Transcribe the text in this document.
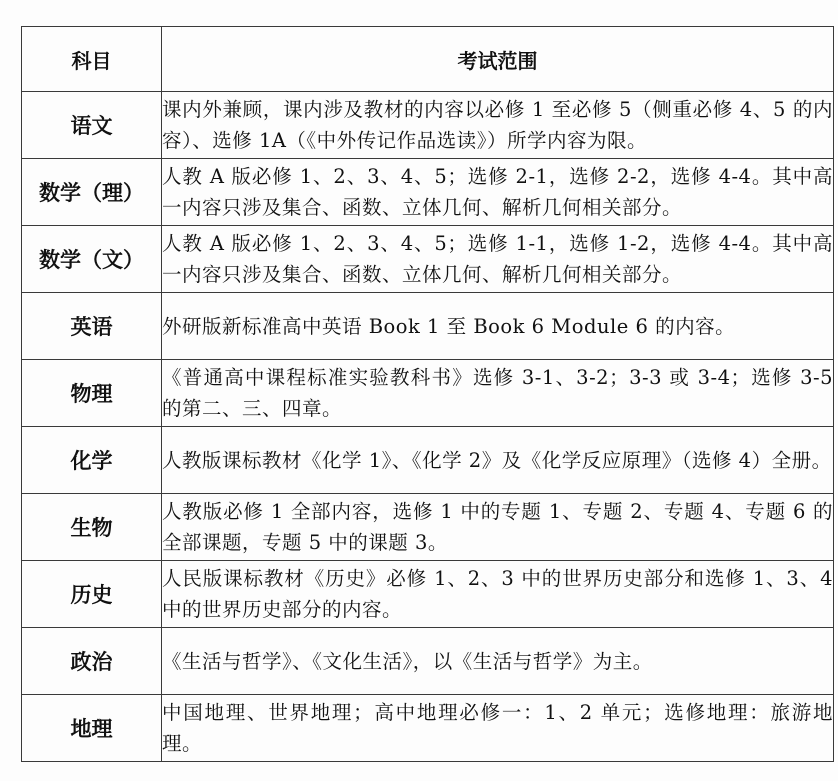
科目	考试范围
语文	课内外兼顾，课内涉及教材的内容以必修 1 至必修 5（侧重必修 4、5 的内容）、选修 1A（《中外传记作品选读》）所学内容为限。
数学（理）	人教 A 版必修 1、2、3、4、5；选修 2-1，选修 2-2，选修 4-4。其中高一内容只涉及集合、函数、立体几何、解析几何相关部分。
数学（文）	人教 A 版必修 1、2、3、4、5；选修 1-1，选修 1-2，选修 4-4。其中高一内容只涉及集合、函数、立体几何、解析几何相关部分。
英语	外研版新标准高中英语 Book 1 至 Book 6 Module 6 的内容。
物理	《普通高中课程标准实验教科书》选修 3-1、3-2；3-3 或 3-4；选修 3-5 的第二、三、四章。
化学	人教版课标教材《化学 1》、《化学 2》及《化学反应原理》（选修 4）全册。
生物	人教版必修 1 全部内容，选修 1 中的专题 1、专题 2、专题 4、专题 6 的全部课题，专题 5 中的课题 3。
历史	人民版课标教材《历史》必修 1、2、3 中的世界历史部分和选修 1、3、4 中的世界历史部分的内容。
政治	《生活与哲学》、《文化生活》，以《生活与哲学》为主。
地理	中国地理、世界地理；高中地理必修一：1、2 单元；选修地理：旅游地理。
